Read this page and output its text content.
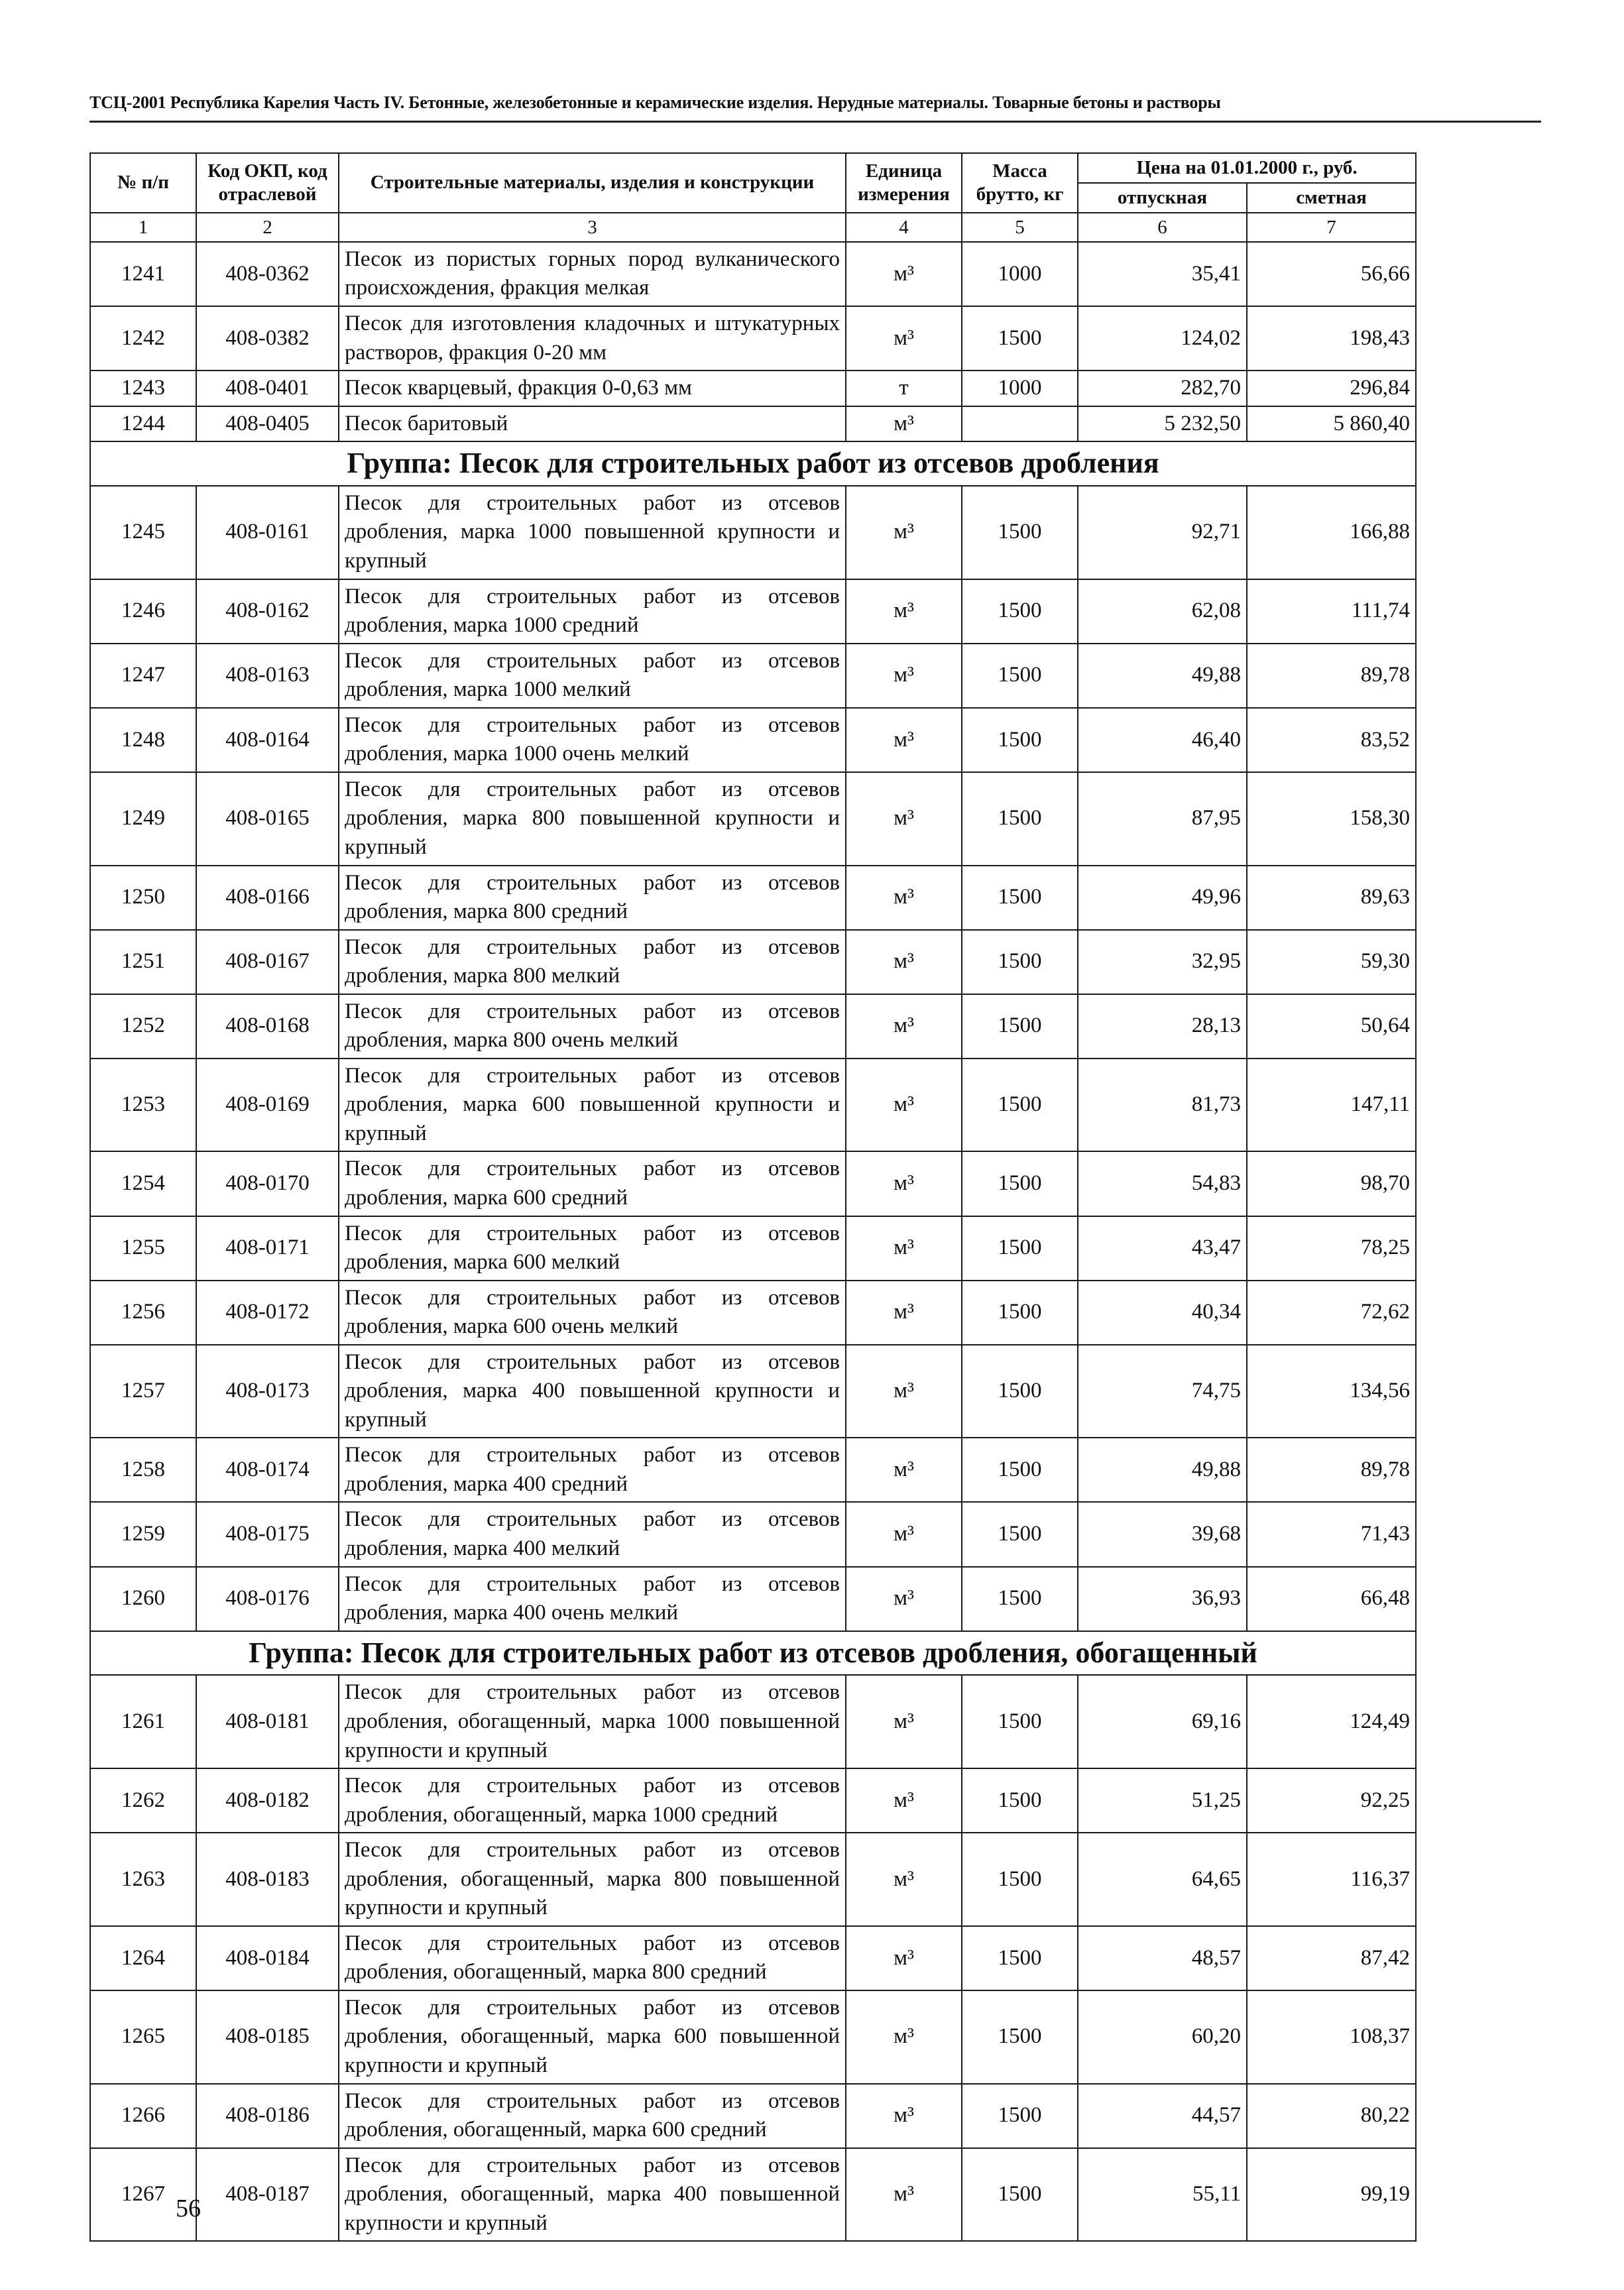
ТСЦ-2001 Республика Карелия Часть IV. Бетонные, железобетонные и керамические изделия. Нерудные материалы. Товарные бетоны и растворы
№ п/п	Код ОКП, код отраслевой	Строительные материалы, изделия и конструкции	Единица измерения	Масса брутто, кг	Цена на 01.01.2000 г., руб.	
					отпускная	сметная
1	2	3	4	5	6	7
1241	408-0362	Песок из пористых горных пород вулканического происхождения, фракция мелкая	м³	1000	35,41	56,66
1242	408-0382	Песок для изготовления кладочных и штукатурных растворов, фракция 0-20 мм	м³	1500	124,02	198,43
1243	408-0401	Песок кварцевый, фракция 0-0,63 мм	т	1000	282,70	296,84
1244	408-0405	Песок баритовый	м³		5 232,50	5 860,40
Группа: Песок для строительных работ из отсевов дробления						
1245	408-0161	Песок для строительных работ из отсевов дробления, марка 1000 повышенной крупности и крупный	м³	1500	92,71	166,88
1246	408-0162	Песок для строительных работ из отсевов дробления, марка 1000 средний	м³	1500	62,08	111,74
1247	408-0163	Песок для строительных работ из отсевов дробления, марка 1000 мелкий	м³	1500	49,88	89,78
1248	408-0164	Песок для строительных работ из отсевов дробления, марка 1000 очень мелкий	м³	1500	46,40	83,52
1249	408-0165	Песок для строительных работ из отсевов дробления, марка 800 повышенной крупности и крупный	м³	1500	87,95	158,30
1250	408-0166	Песок для строительных работ из отсевов дробления, марка 800 средний	м³	1500	49,96	89,63
1251	408-0167	Песок для строительных работ из отсевов дробления, марка 800 мелкий	м³	1500	32,95	59,30
1252	408-0168	Песок для строительных работ из отсевов дробления, марка 800 очень мелкий	м³	1500	28,13	50,64
1253	408-0169	Песок для строительных работ из отсевов дробления, марка 600 повышенной крупности и крупный	м³	1500	81,73	147,11
1254	408-0170	Песок для строительных работ из отсевов дробления, марка 600 средний	м³	1500	54,83	98,70
1255	408-0171	Песок для строительных работ из отсевов дробления, марка 600 мелкий	м³	1500	43,47	78,25
1256	408-0172	Песок для строительных работ из отсевов дробления, марка 600 очень мелкий	м³	1500	40,34	72,62
1257	408-0173	Песок для строительных работ из отсевов дробления, марка 400 повышенной крупности и крупный	м³	1500	74,75	134,56
1258	408-0174	Песок для строительных работ из отсевов дробления, марка 400 средний	м³	1500	49,88	89,78
1259	408-0175	Песок для строительных работ из отсевов дробления, марка 400 мелкий	м³	1500	39,68	71,43
1260	408-0176	Песок для строительных работ из отсевов дробления, марка 400 очень мелкий	м³	1500	36,93	66,48
Группа: Песок для строительных работ из отсевов дробления, обогащенный						
1261	408-0181	Песок для строительных работ из отсевов дробления, обогащенный, марка 1000 повышенной крупности и крупный	м³	1500	69,16	124,49
1262	408-0182	Песок для строительных работ из отсевов дробления, обогащенный, марка 1000 средний	м³	1500	51,25	92,25
1263	408-0183	Песок для строительных работ из отсевов дробления, обогащенный, марка 800 повышенной крупности и крупный	м³	1500	64,65	116,37
1264	408-0184	Песок для строительных работ из отсевов дробления, обогащенный, марка 800 средний	м³	1500	48,57	87,42
1265	408-0185	Песок для строительных работ из отсевов дробления, обогащенный, марка 600 повышенной крупности и крупный	м³	1500	60,20	108,37
1266	408-0186	Песок для строительных работ из отсевов дробления, обогащенный, марка 600 средний	м³	1500	44,57	80,22
1267	408-0187	Песок для строительных работ из отсевов дробления, обогащенный, марка 400 повышенной крупности и крупный	м³	1500	55,11	99,19
56
